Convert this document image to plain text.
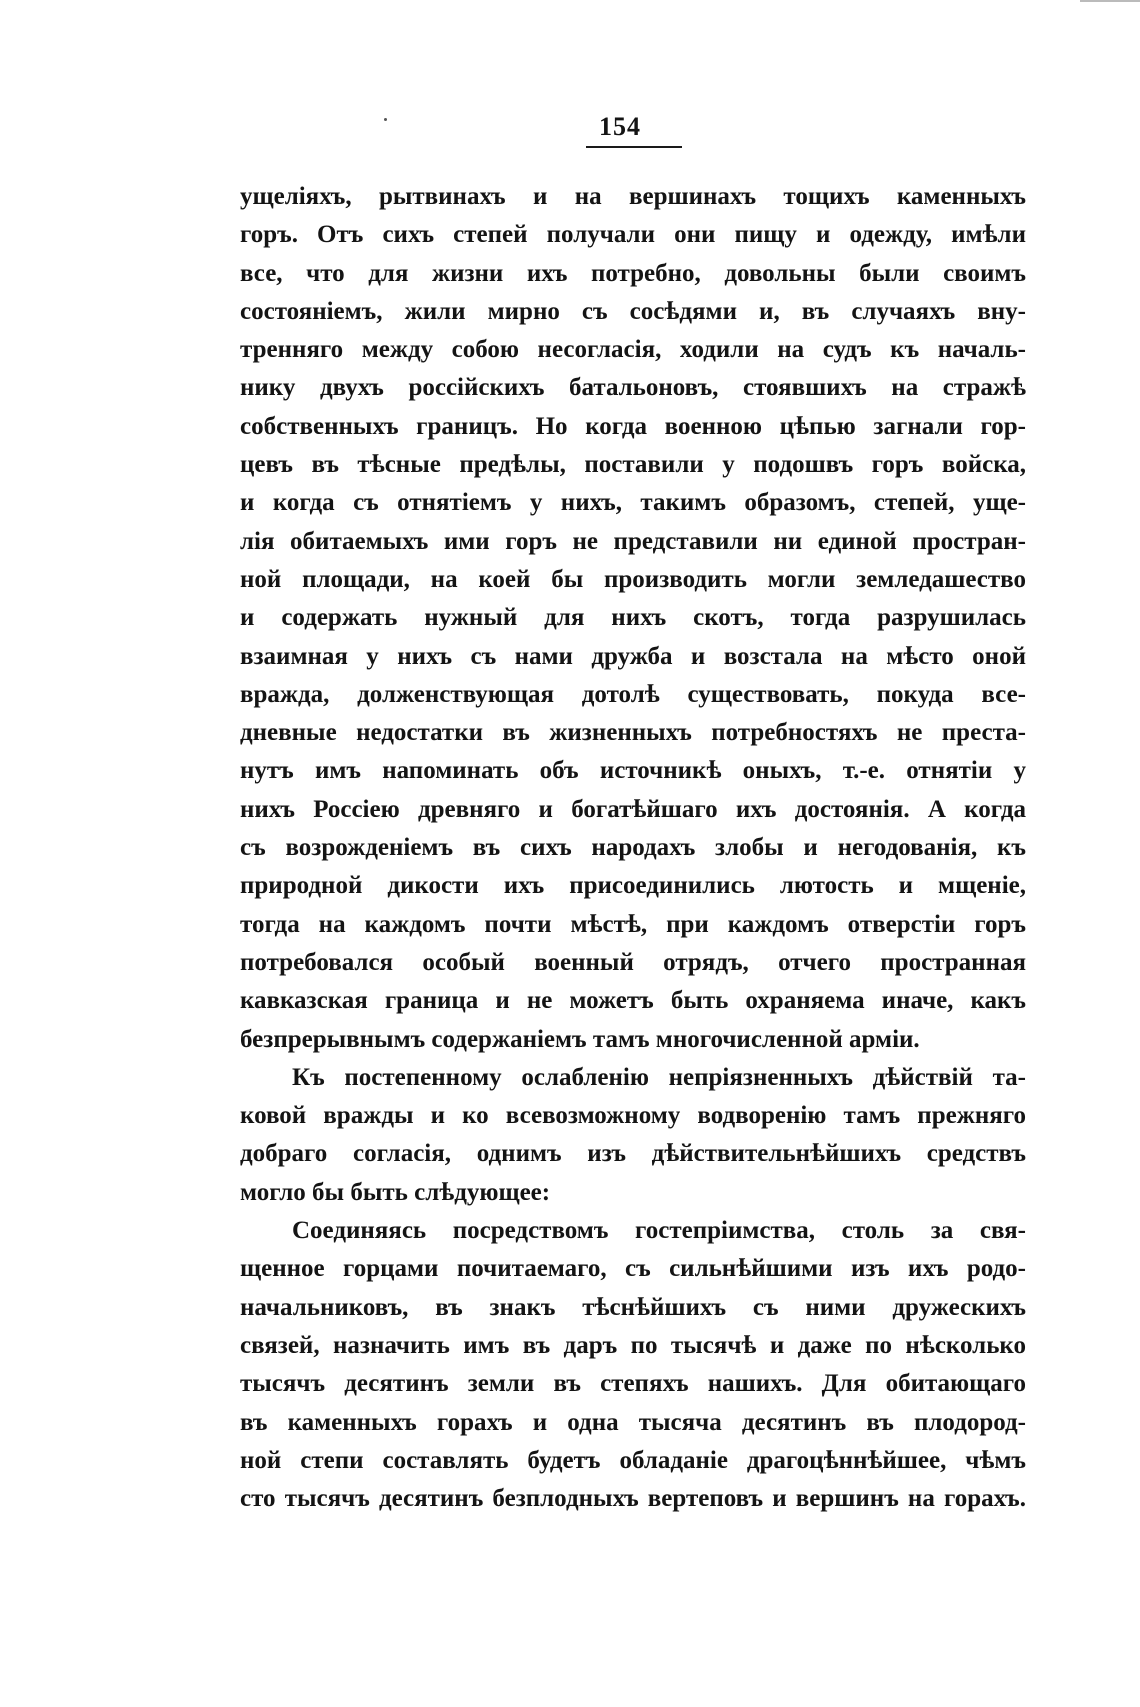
154
ущелiяхъ, рытвинахъ и на вершинахъ тощихъ каменныхъ
горъ. Отъ сихъ степей получали они пищу и одежду, имѣли
все, что для жизни ихъ потребно, довольны были своимъ
состоянiемъ, жили мирно съ сосѣдями и, въ случаяхъ вну-
тренняго между собою несогласiя, ходили на судъ къ началь-
нику двухъ россiйскихъ батальоновъ, стоявшихъ на стражѣ
собственныхъ границъ. Но когда военною цѣпью загнали гор-
цевъ въ тѣсные предѣлы, поставили у подошвъ горъ войска,
и когда съ отнятiемъ у нихъ, такимъ образомъ, степей, уще-
лiя обитаемыхъ ими горъ не представили ни единой простран-
ной площади, на коей бы производить могли земледашество
и содержать нужный для нихъ скотъ, тогда разрушилась
взаимная у нихъ съ нами дружба и возстала на мѣсто оной
вражда, долженствующая дотолѣ существовать, покуда все-
дневные недостатки въ жизненныхъ потребностяхъ не преста-
нутъ имъ напоминать объ источникѣ оныхъ, т.-е. отнятiи у
нихъ Россiею древняго и богатѣйшаго ихъ достоянiя. А когда
съ возрожденiемъ въ сихъ народахъ злобы и негодованiя, къ
природной дикости ихъ присоединились лютость и мщенiе,
тогда на каждомъ почти мѣстѣ, при каждомъ отверстiи горъ
потребовался особый военный отрядъ, отчего пространная
кавказская граница и не можетъ быть охраняема иначе, какъ
безпрерывнымъ содержанiемъ тамъ многочисленной армiи.
Къ постепенному ослабленiю непрiязненныхъ дѣйствiй та-
ковой вражды и ко всевозможному водворенiю тамъ прежняго
добраго согласiя, однимъ изъ дѣйствительнѣйшихъ средствъ
могло бы быть слѣдующее:
Соединяясь посредствомъ гостепрiимства, столь за свя-
щенное горцами почитаемаго, съ сильнѣйшими изъ ихъ родо-
начальниковъ, въ знакъ тѣснѣйшихъ съ ними дружескихъ
связей, назначить имъ въ даръ по тысячѣ и даже по нѣсколько
тысячъ десятинъ земли въ степяхъ нашихъ. Для обитающаго
въ каменныхъ горахъ и одна тысяча десятинъ въ плодород-
ной степи составлять будетъ обладанiе драгоцѣннѣйшее, чѣмъ
сто тысячъ десятинъ безплодныхъ вертеповъ и вершинъ на горахъ.
